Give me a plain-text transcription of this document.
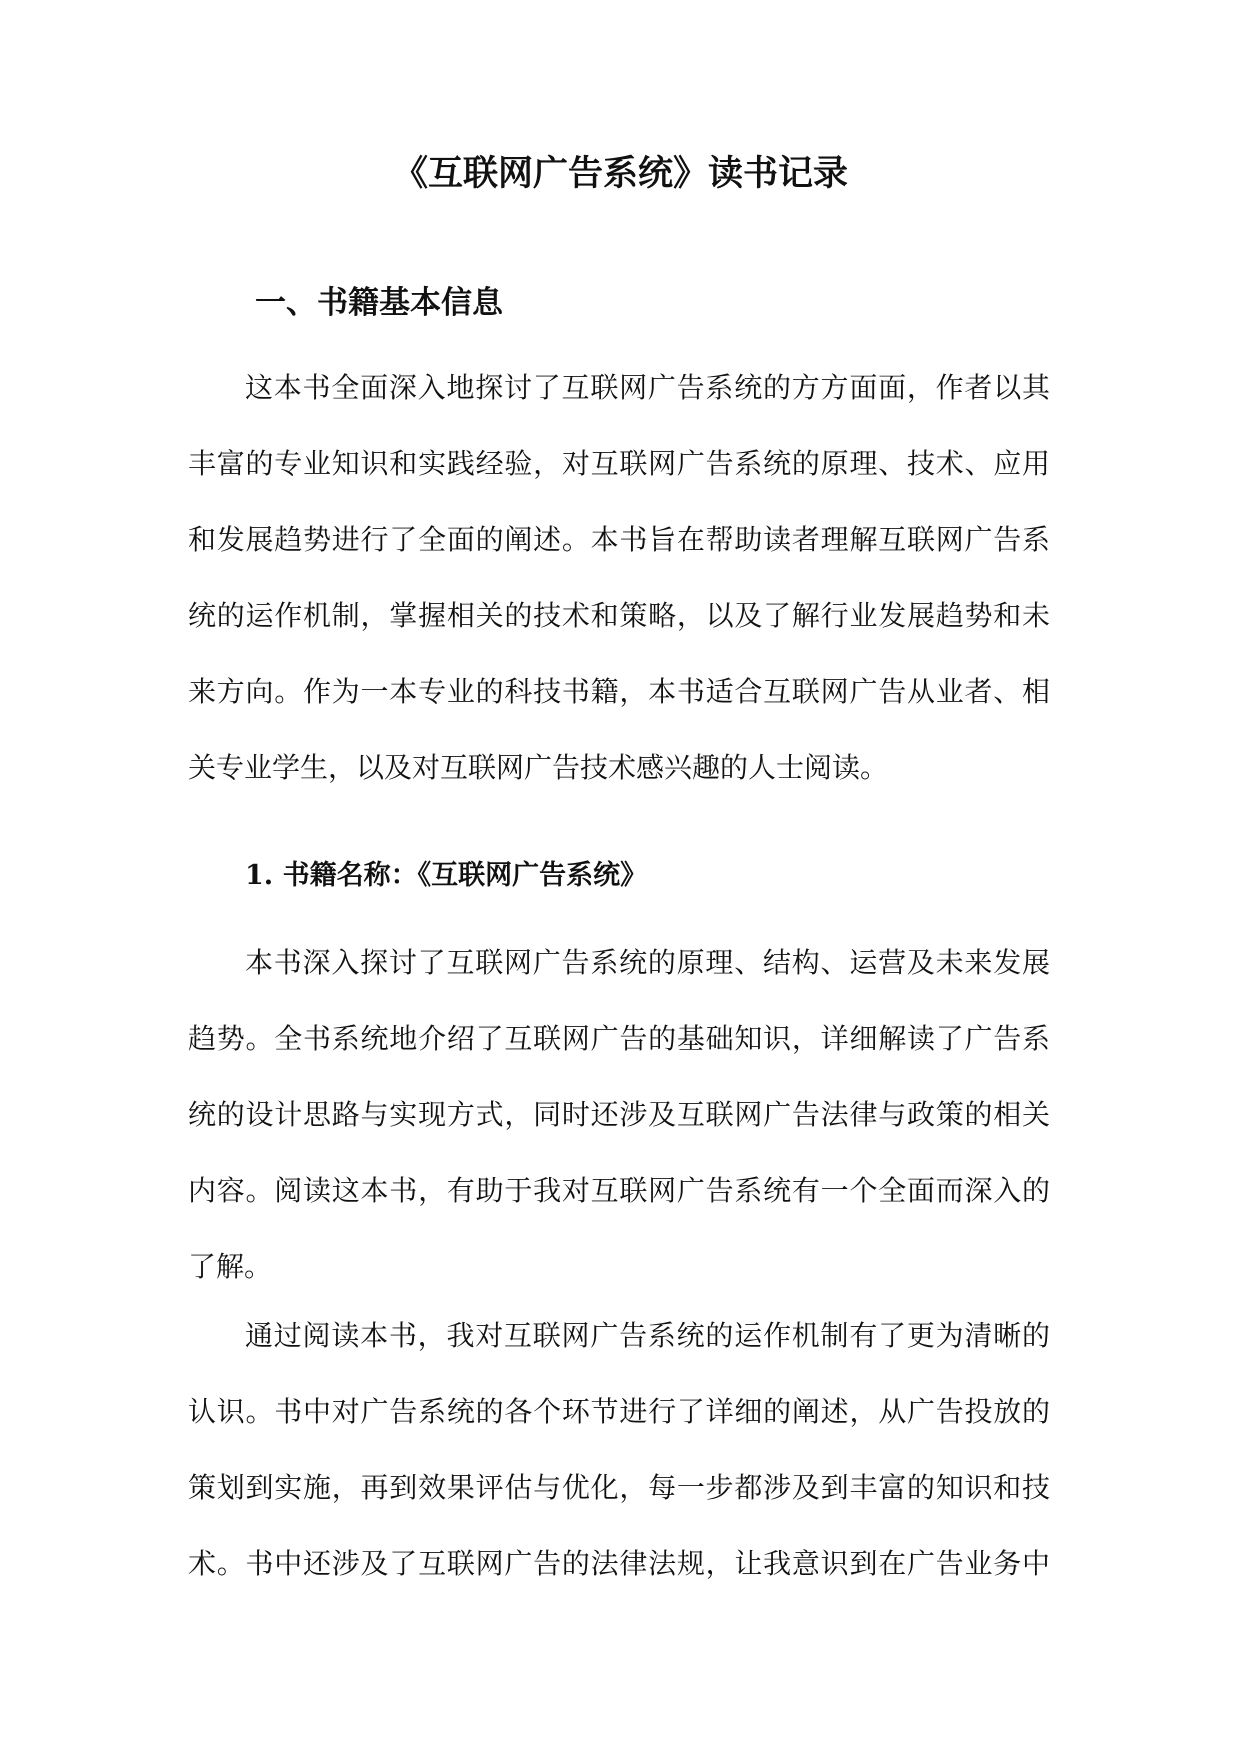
《互联网广告系统》读书记录
一、书籍基本信息

这本书全面深入地探讨了互联网广告系统的方方面面，作者以其
丰富的专业知识和实践经验，对互联网广告系统的原理、技术、应用
和发展趋势进行了全面的阐述。本书旨在帮助读者理解互联网广告系
统的运作机制，掌握相关的技术和策略，以及了解行业发展趋势和未
来方向。作为一本专业的科技书籍，本书适合互联网广告从业者、相
关专业学生，以及对互联网广告技术感兴趣的人士阅读。

1. 书籍名称：《互联网广告系统》

本书深入探讨了互联网广告系统的原理、结构、运营及未来发展
趋势。全书系统地介绍了互联网广告的基础知识，详细解读了广告系
统的设计思路与实现方式，同时还涉及互联网广告法律与政策的相关
内容。阅读这本书，有助于我对互联网广告系统有一个全面而深入的
了解。

通过阅读本书，我对互联网广告系统的运作机制有了更为清晰的
认识。书中对广告系统的各个环节进行了详细的阐述，从广告投放的
策划到实施，再到效果评估与优化，每一步都涉及到丰富的知识和技
术。书中还涉及了互联网广告的法律法规，让我意识到在广告业务中
